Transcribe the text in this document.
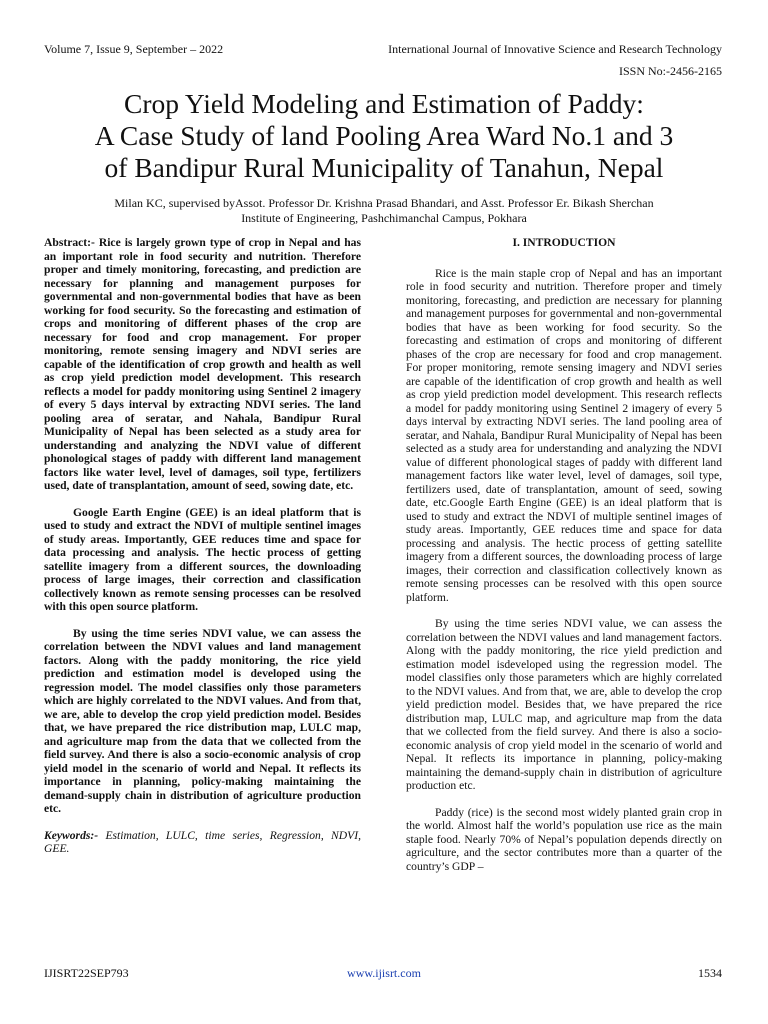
Volume 7, Issue 9, September – 2022	International Journal of Innovative Science and Research Technology
ISSN No:-2456-2165
Crop Yield Modeling and Estimation of Paddy:
A Case Study of land Pooling Area Ward No.1 and 3
of Bandipur Rural Municipality of Tanahun, Nepal
Milan KC, supervised byAssot. Professor Dr. Krishna Prasad Bhandari, and Asst. Professor Er. Bikash Sherchan
Institute of Engineering, Pashchimanchal Campus, Pokhara

Abstract:- Rice is largely grown type of crop in Nepal and has an important role in food security and nutrition. Therefore proper and timely monitoring, forecasting, and prediction are necessary for planning and management purposes for governmental and non-governmental bodies that have as been working for food security. So the forecasting and estimation of crops and monitoring of different phases of the crop are necessary for food and crop management. For proper monitoring, remote sensing imagery and NDVI series are capable of the identification of crop growth and health as well as crop yield prediction model development. This research reflects a model for paddy monitoring using Sentinel 2 imagery of every 5 days interval by extracting NDVI series. The land pooling area of seratar, and Nahala, Bandipur Rural Municipality of Nepal has been selected as a study area for understanding and analyzing the NDVI value of different phonological stages of paddy with different land management factors like water level, level of damages, soil type, fertilizers used, date of transplantation, amount of seed, sowing date, etc.

Google Earth Engine (GEE) is an ideal platform that is used to study and extract the NDVI of multiple sentinel images of study areas. Importantly, GEE reduces time and space for data processing and analysis. The hectic process of getting satellite imagery from a different sources, the downloading process of large images, their correction and classification collectively known as remote sensing processes can be resolved with this open source platform.

By using the time series NDVI value, we can assess the correlation between the NDVI values and land management factors. Along with the paddy monitoring, the rice yield prediction and estimation model is developed using the regression model. The model classifies only those parameters which are highly correlated to the NDVI values. And from that, we are, able to develop the crop yield prediction model. Besides that, we have prepared the rice distribution map, LULC map, and agriculture map from the data that we collected from the field survey. And there is also a socio-economic analysis of crop yield model in the scenario of world and Nepal. It reflects its importance in planning, policy-making maintaining the demand-supply chain in distribution of agriculture production etc.

Keywords:- Estimation, LULC, time series, Regression, NDVI, GEE.

I. INTRODUCTION

Rice is the main staple crop of Nepal and has an important role in food security and nutrition. Therefore proper and timely monitoring, forecasting, and prediction are necessary for planning and management purposes for governmental and non-governmental bodies that have as been working for food security. So the forecasting and estimation of crops and monitoring of different phases of the crop are necessary for food and crop management. For proper monitoring, remote sensing imagery and NDVI series are capable of the identification of crop growth and health as well as crop yield prediction model development. This research reflects a model for paddy monitoring using Sentinel 2 imagery of every 5 days interval by extracting NDVI series. The land pooling area of seratar, and Nahala, Bandipur Rural Municipality of Nepal has been selected as a study area for understanding and analyzing the NDVI value of different phonological stages of paddy with different land management factors like water level, level of damages, soil type, fertilizers used, date of transplantation, amount of seed, sowing date, etc.Google Earth Engine (GEE) is an ideal platform that is used to study and extract the NDVI of multiple sentinel images of study areas. Importantly, GEE reduces time and space for data processing and analysis. The hectic process of getting satellite imagery from a different sources, the downloading process of large images, their correction and classification collectively known as remote sensing processes can be resolved with this open source platform.

By using the time series NDVI value, we can assess the correlation between the NDVI values and land management factors. Along with the paddy monitoring, the rice yield prediction and estimation model isdeveloped using the regression model. The model classifies only those parameters which are highly correlated to the NDVI values. And from that, we are, able to develop the crop yield prediction model. Besides that, we have prepared the rice distribution map, LULC map, and agriculture map from the data that we collected from the field survey. And there is also a socio-economic analysis of crop yield model in the scenario of world and Nepal. It reflects its importance in planning, policy-making maintaining the demand-supply chain in distribution of agriculture production etc.

Paddy (rice) is the second most widely planted grain crop in the world. Almost half the world’s population use rice as the main staple food. Nearly 70% of Nepal’s population depends directly on agriculture, and the sector contributes more than a quarter of the country’s GDP –

IJISRT22SEP793	www.ijisrt.com	1534
